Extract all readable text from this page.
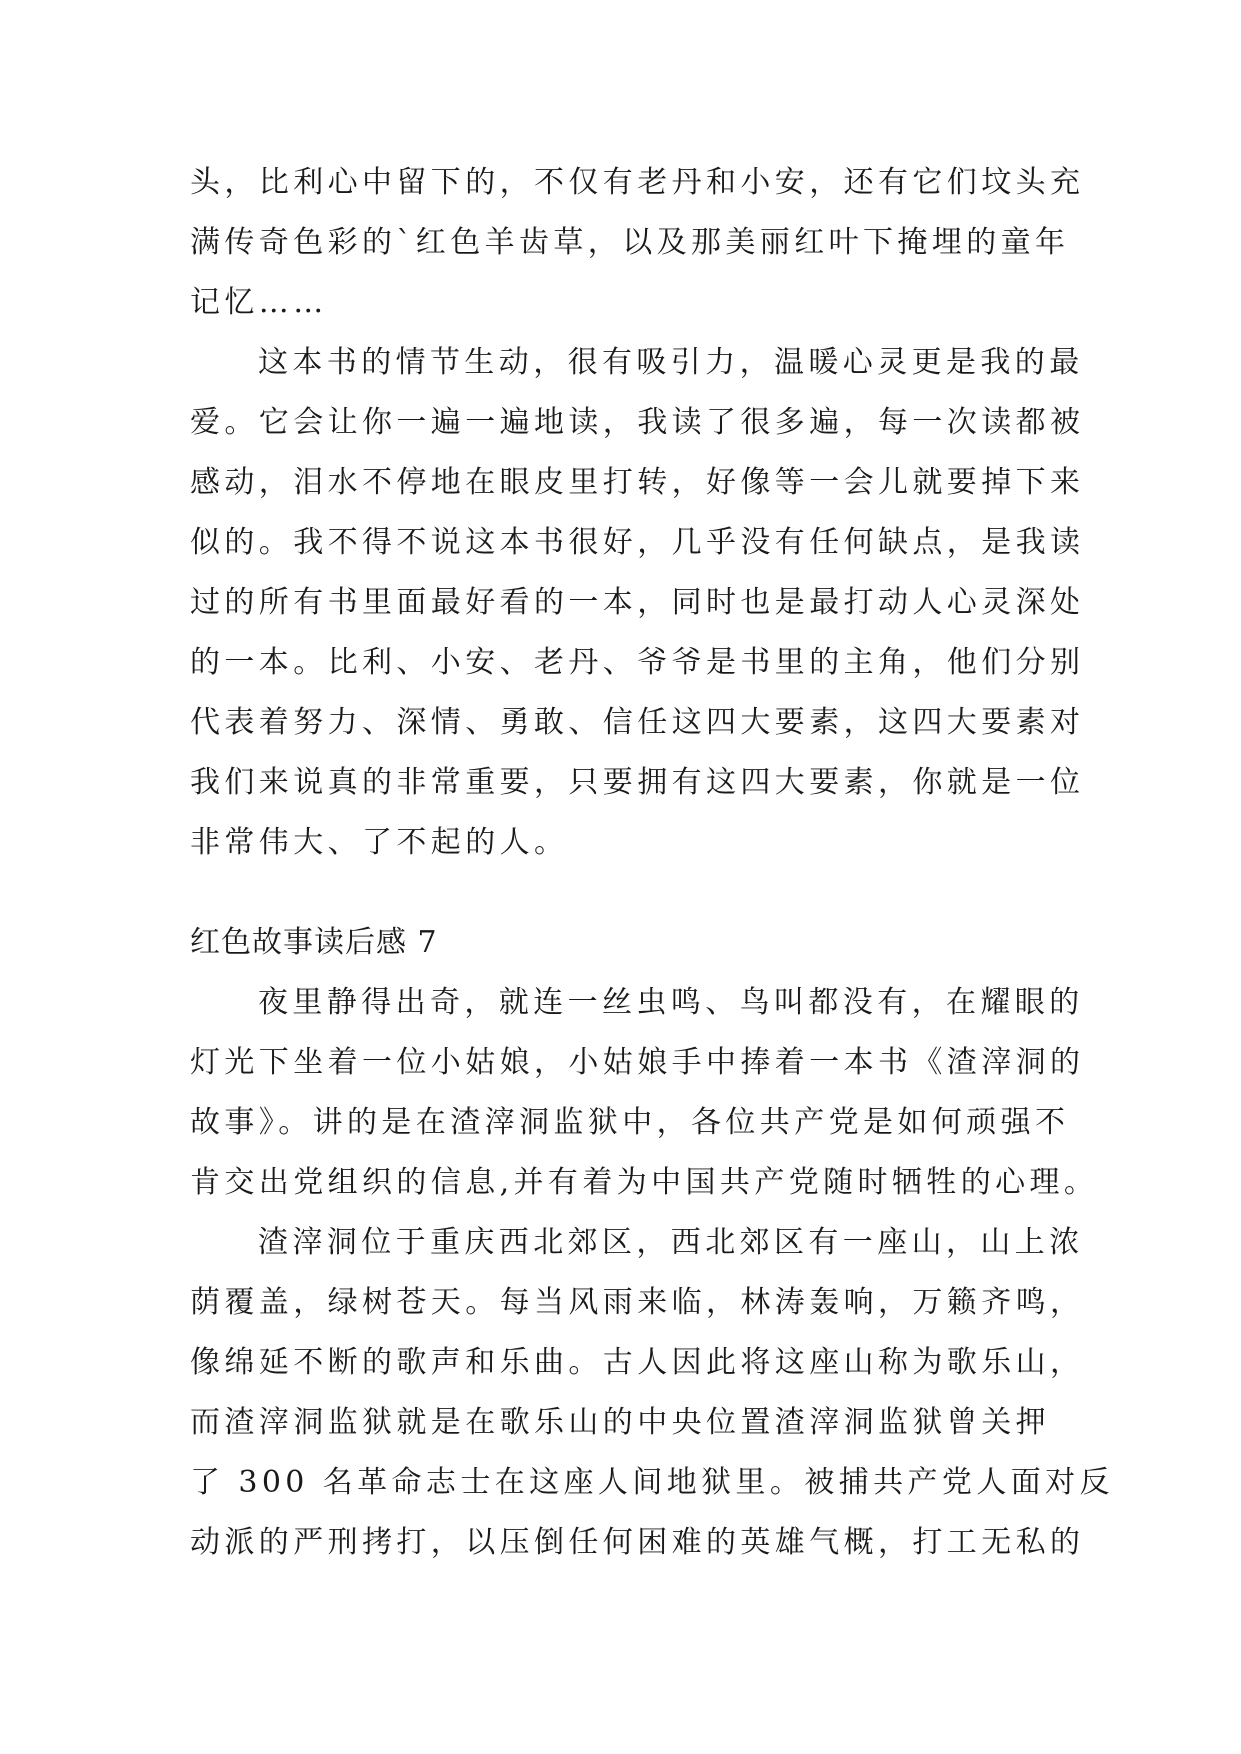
头，比利心中留下的，不仅有老丹和小安，还有它们坟头充
满传奇色彩的`红色羊齿草，以及那美丽红叶下掩埋的童年
记忆……
这本书的情节生动，很有吸引力，温暖心灵更是我的最
爱。它会让你一遍一遍地读，我读了很多遍，每一次读都被
感动，泪水不停地在眼皮里打转，好像等一会儿就要掉下来
似的。我不得不说这本书很好，几乎没有任何缺点，是我读
过的所有书里面最好看的一本，同时也是最打动人心灵深处
的一本。比利、小安、老丹、爷爷是书里的主角，他们分别
代表着努力、深情、勇敢、信任这四大要素，这四大要素对
我们来说真的非常重要，只要拥有这四大要素，你就是一位
非常伟大、了不起的人。
红色故事读后感 7
夜里静得出奇，就连一丝虫鸣、鸟叫都没有，在耀眼的
灯光下坐着一位小姑娘，小姑娘手中捧着一本书《渣滓洞的
故事》。讲的是在渣滓洞监狱中，各位共产党是如何顽强不
肯交出党组织的信息,并有着为中国共产党随时牺牲的心理。
渣滓洞位于重庆西北郊区，西北郊区有一座山，山上浓
荫覆盖，绿树苍天。每当风雨来临，林涛轰响，万籁齐鸣，
像绵延不断的歌声和乐曲。古人因此将这座山称为歌乐山，
而渣滓洞监狱就是在歌乐山的中央位置渣滓洞监狱曾关押
了 300 名革命志士在这座人间地狱里。被捕共产党人面对反
动派的严刑拷打，以压倒任何困难的英雄气概，打工无私的
